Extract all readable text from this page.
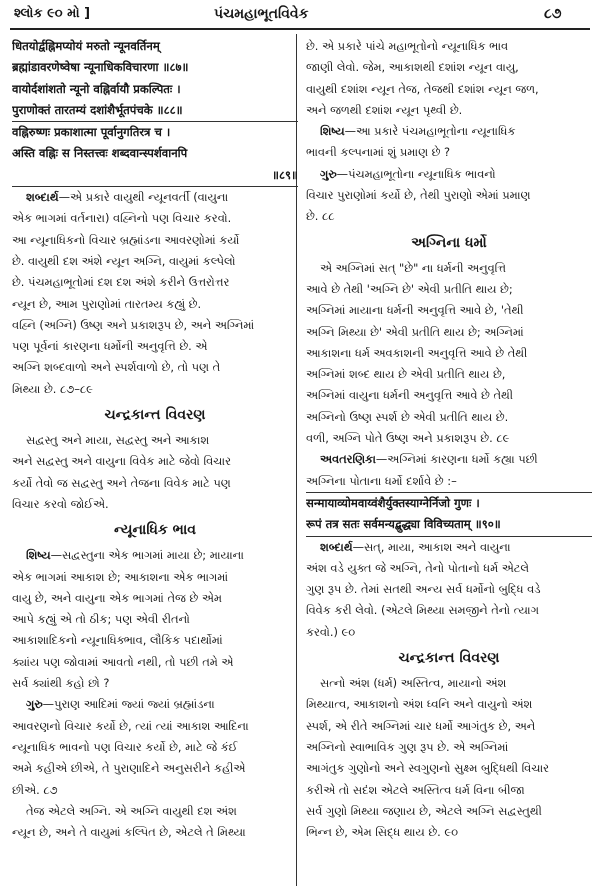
શ્લોક ૯૦ મો ]	પંચમહાભૂતવિવેક	૮૭
धितयोर्द्वह्निमप्योयं मरुतो न्यूनवर्तिनम्
ब्रह्मांडावरणेष्वेषा न्यूनाधिकविचारणा ॥८७॥
वायोर्दशांशतो न्यूनो वह्निर्वायौ प्रकल्पितः ।
पुराणोक्तं तारतम्यं दशांशैर्भूतपंचके ॥८८॥
वह्निरुष्णः प्रकाशात्मा पूर्वानुगतिरत्र च ।
अस्ति वह्निः स निस्तत्त्वः शब्दवान्स्पर्शवानपि
॥८९॥
શબ્દાર્થ—એ પ્રકારે વાયુથી ન્યૂનવર્તી (વાયુના
એક ભાગમાં વર્તનારા) વહ્નિનો પણ વિચાર કરવો.
આ ન્યૂનાધિકનો વિચાર બ્રહ્માંડના આવરણોમાં કર્યો
છે. વાયુથી દશ અંશે ન્યૂન અગ્નિ, વાયુમાં કલ્પેલો
છે. પંચમહાભૂતોમાં દશ દશ અંશે કરીને ઉત્તરોત્તર
ન્યૂન છે, આમ પુરાણોમાં તારતમ્ય કહ્યું છે.
વહ્નિ (અગ્નિ) ઉષ્ણ અને પ્રકાશરૂપ છે, અને અગ્નિમાં
પણ પૂર્વનાં કારણના ધર્મોની અનુવૃત્તિ છે. એ
અગ્નિ શબ્દવાળો અને સ્પર્શવાળો છે, તો પણ તે
મિથ્યા છે. ૮૭–૮૯
ચન્દ્રકાન્ત વિવરણ
સદ્વસ્તુ અને માયા, સદ્વસ્તુ અને આકાશ
અને સદ્વસ્તુ અને વાયુના વિવેક માટે જેવો વિચાર
કર્યો તેવો જ સદ્વસ્તુ અને તેજના વિવેક માટે પણ
વિચાર કરવો જોઈએ.
ન્યૂનાધિક ભાવ
શિષ્ય—સદ્વસ્તુના એક ભાગમાં માયા છે; માયાના
એક ભાગમાં આકાશ છે; આકાશના એક ભાગમાં
વાયુ છે, અને વાયુના એક ભાગમાં તેજ છે એમ
આપે કહ્યું એ તો ઠીક; પણ એવી રીતનો
આકાશાદિકનો ન્યૂનાધિક્ભાવ, લૌકિક પદાર્થોમાં
ક્યાંય પણ જોવામાં આવતો નથી, તો પછી તમે એ
સર્વ ક્યાંથી કહો છો ?
ગુરુ—પુરાણ આદિમાં જ્યાં જ્યાં બ્રહ્માંડના
આવરણનો વિચાર કર્યો છે, ત્યાં ત્યાં આકાશ આદિના
ન્યૂનાધિક ભાવનો પણ વિચાર કર્યો છે, માટે જે કંઈ
અમે કહીએ છીએ, તે પુરાણાદિને અનુસરીને કહીએ
છીએ. ૮૭
તેજ એટલે અગ્નિ. એ અગ્નિ વાયુથી દશ અંશ
ન્યૂન છે, અને તે વાયુમાં કલ્પિત છે, એટલે તે મિથ્યા
છે. એ પ્રકારે પાંચે મહાભૂતોનો ન્યૂનાધિક ભાવ
જાણી લેવો. જેમ, આકાશથી દશાંશ ન્યૂન વાયુ,
વાયુથી દશાંશ ન્યૂન તેજ, તેજથી દશાંશ ન્યૂન જળ,
અને જળથી દશાંશ ન્યૂન પૃથ્વી છે.
શિષ્ય—આ પ્રકારે પંચમહાભૂતોના ન્યૂનાધિક
ભાવની કલ્પનામાં શું પ્રમાણ છે ?
ગુરુ—પંચમહાભૂતોના ન્યૂનાધિક ભાવનો
વિચાર પુરાણોમાં કર્યો છે, તેથી પુરાણો એમાં પ્રમાણ
છે. ૮૮
અગ્નિના ધર્મો
એ અગ્નિમાં સત્ "છે" ના ધર્મની અનુવૃત્તિ
આવે છે તેથી 'અગ્નિ છે' એવી પ્રતીતિ થાય છે;
અગ્નિમાં માયાના ધર્મની અનુવૃત્તિ આવે છે, 'તેથી
અગ્નિ મિથ્યા છે' એવી પ્રતીતિ થાય છે; અગ્નિમાં
આકાશના ધર્મ અવકાશની અનુવૃત્તિ આવે છે તેથી
અગ્નિમાં શબ્દ થાય છે એવી પ્રતીતિ થાય છે,
અગ્નિમાં વાયુના ધર્મની અનુવૃત્તિ આવે છે તેથી
અગ્નિનો ઉષ્ણ સ્પર્શ છે એવી પ્રતીતિ થાય છે.
વળી, અગ્નિ પોતે ઉષ્ણ અને પ્રકાશરૂપ છે. ૮૯
અવતરણિકા—અગ્નિમાં કારણના ધર્મો કહ્યા પછી
અગ્નિના પોતાના ધર્મો દર્શાવે છે :–
सन्मायाव्योमवाय्वंशैर्युक्तस्याग्नेर्निजो गुणः ।
रूपं तत्र सतः सर्वमन्यद्बुद्ध्या विविच्यताम् ॥९०॥
શબ્દાર્થ—સત્, માયા, આકાશ અને વાયુના
અંશ વડે યુક્ત જે અગ્નિ, તેનો પોતાનો ધર્મ એટલે
ગુણ રૂપ છે. તેમાં સતથી અન્ય સર્વ ધર્મોનો બુદ્ધિ વડે
વિવેક કરી લેવો. (એટલે મિથ્યા સમજીને તેનો ત્યાગ
કરવો.) ૯૦
ચન્દ્રકાન્ત વિવરણ
સત્નો અંશ (ધર્મ) અસ્તિત્વ, માયાનો અંશ
મિથ્યાત્વ, આકાશનો અંશ ધ્વનિ અને વાયુનો અંશ
સ્પર્શ, એ રીતે અગ્નિમાં ચાર ધર્મો આગંતુક છે, અને
અગ્નિનો સ્વાભાવિક ગુણ રૂપ છે. એ અગ્નિમાં
આગંતુક ગુણોનો અને સ્વગુણનો સુક્ષ્મ બુદ્ધિથી વિચાર
કરીએ તો સદંશ એટલે અસ્તિત્વ ધર્મ વિના બીજા
સર્વ ગુણો મિથ્યા જણાય છે, એટલે અગ્નિ સદ્વસ્તુથી
ભિન્ન છે, એમ સિદ્ધ થાય છે. ૯૦
